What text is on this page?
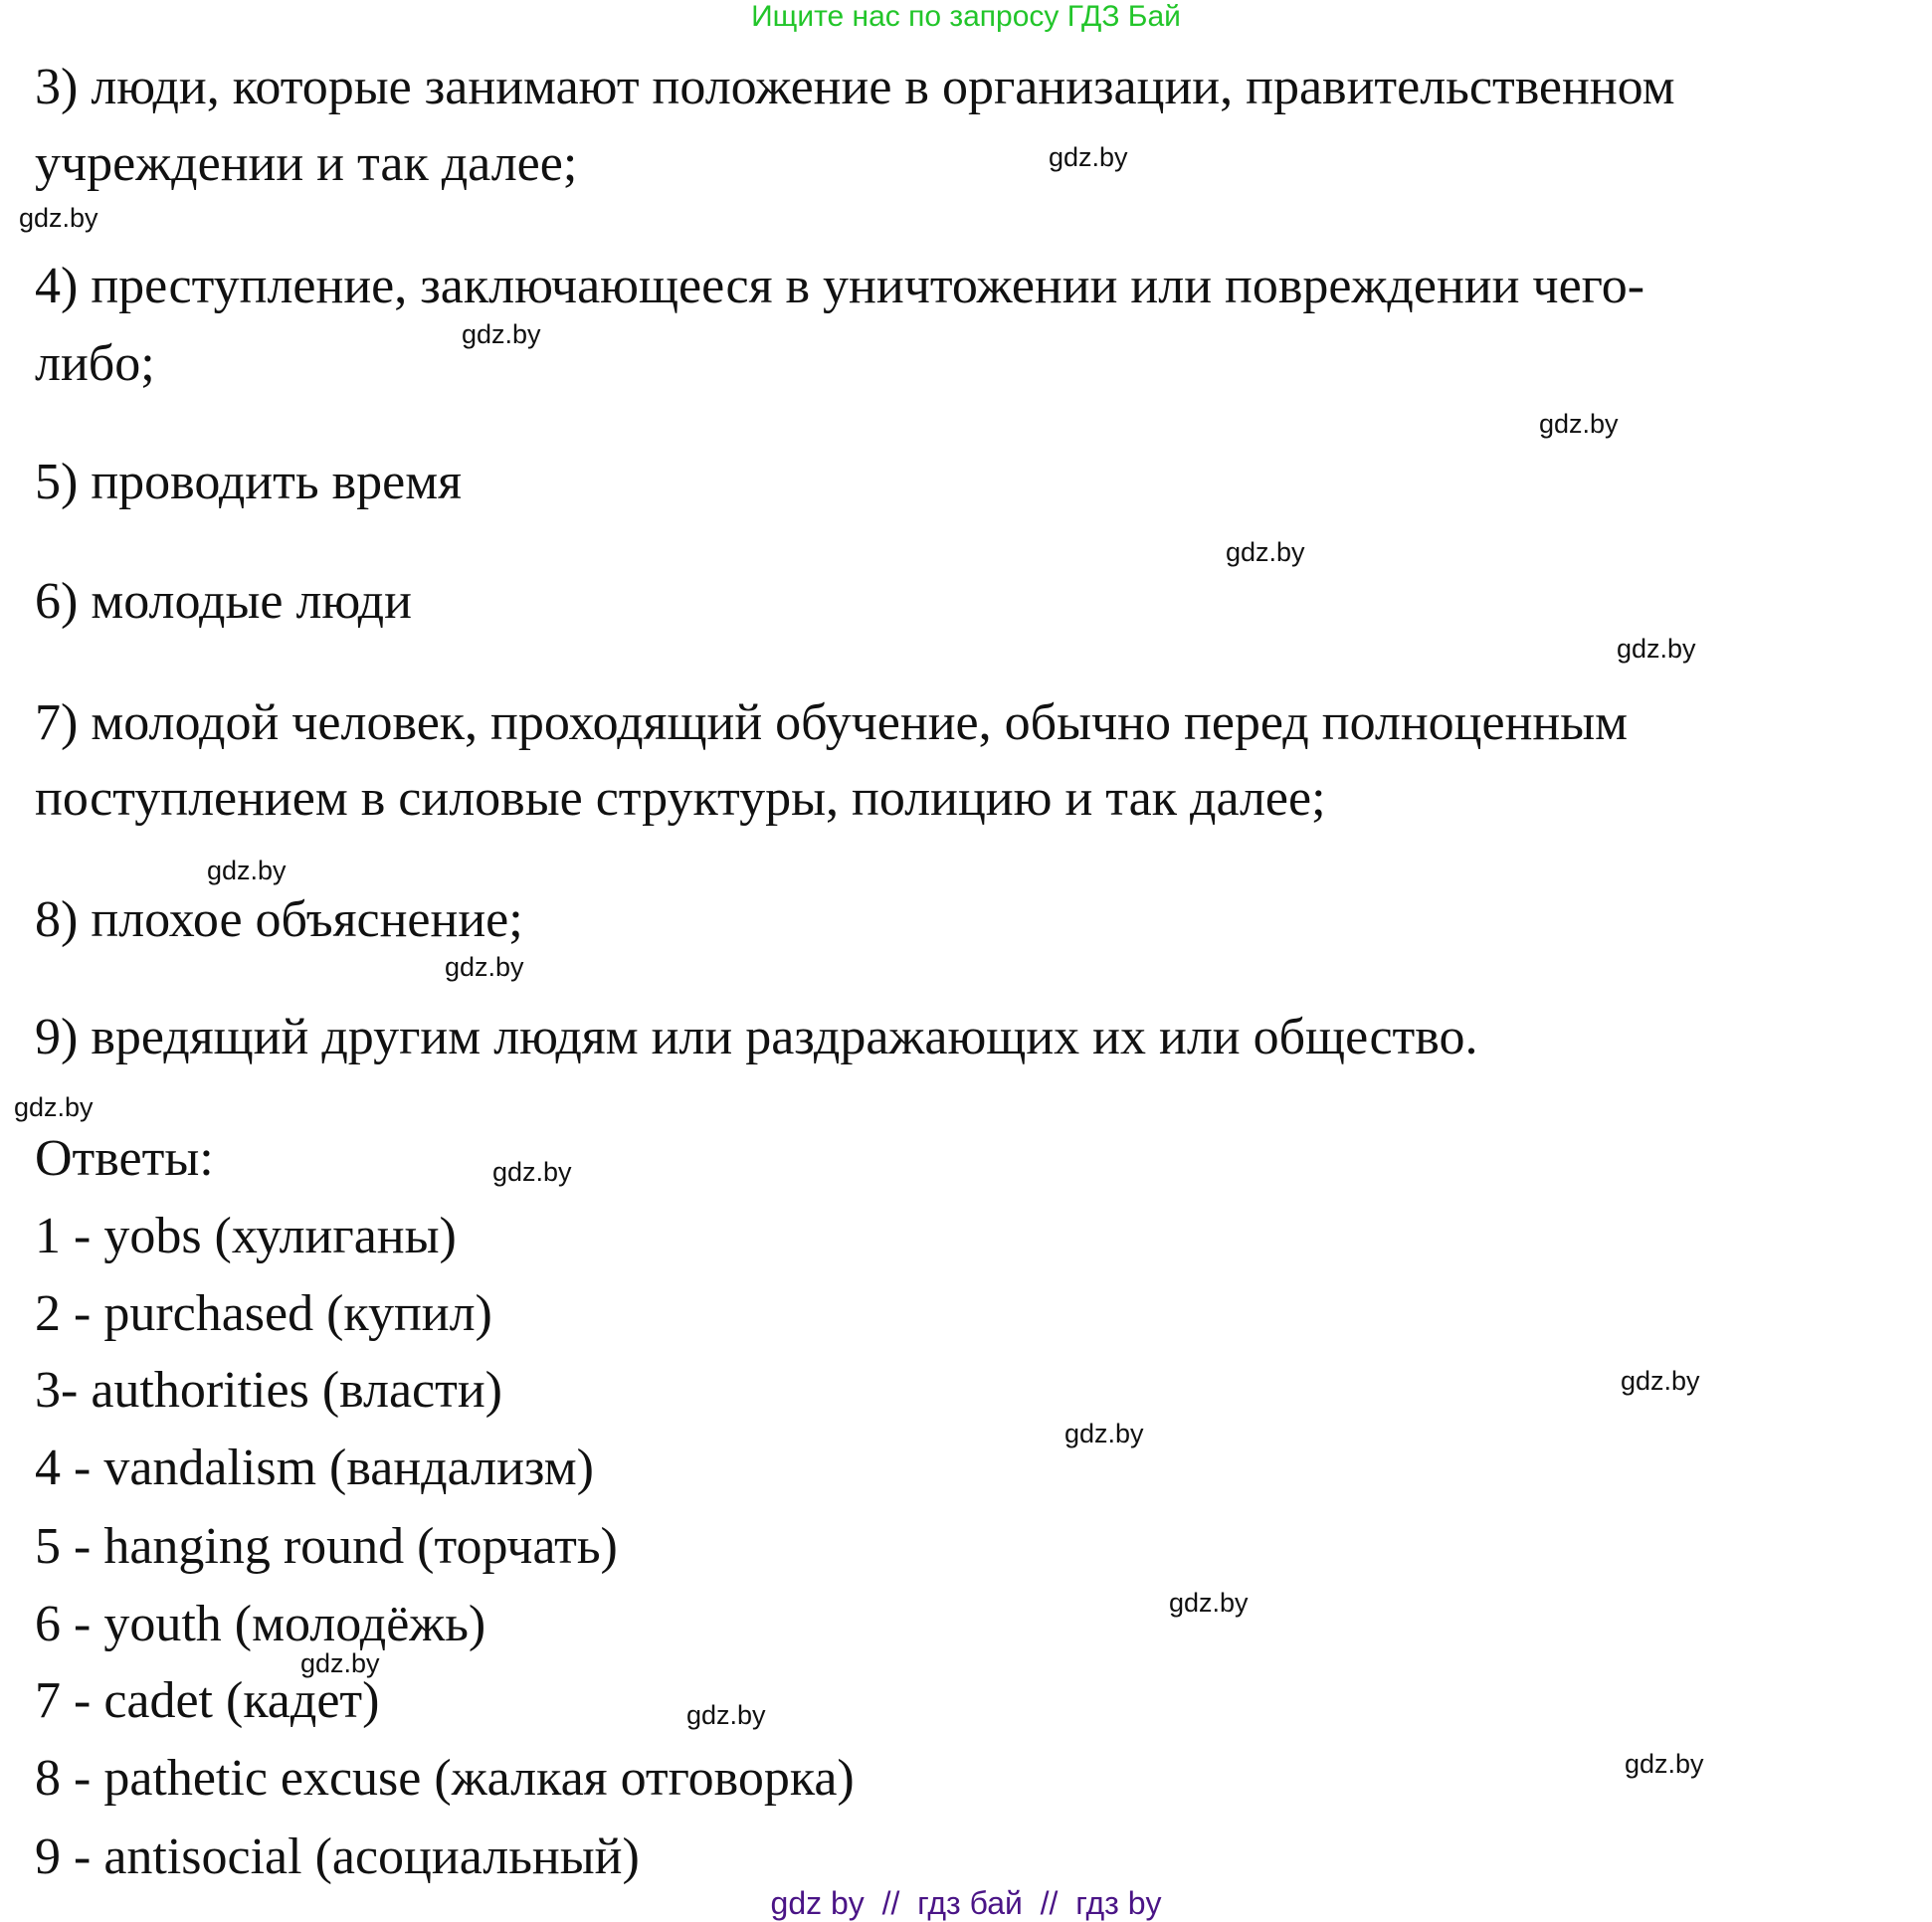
Ищите нас по запросу ГДЗ Бай
3) люди, которые занимают положение в организации, правительственном
учреждении и так далее;
4) преступление, заключающееся в уничтожении или повреждении чего-
либо;
5) проводить время
6) молодые люди
7) молодой человек, проходящий обучение, обычно перед полноценным
поступлением в силовые структуры, полицию и так далее;
8) плохое объяснение;
9) вредящий другим людям или раздражающих их или общество.
Ответы:
1 - yobs (хулиганы)
2 - purchased (купил)
3- authorities (власти)
4 - vandalism (вандализм)
5 - hanging round (торчать)
6 - youth (молодёжь)
7 - cadet (кадет)
8 - pathetic excuse (жалкая отговорка)
9 - antisocial (асоциальный)
gdz.by
gdz.by
gdz.by
gdz.by
gdz.by
gdz.by
gdz.by
gdz.by
gdz.by
gdz.by
gdz.by
gdz.by
gdz.by
gdz.by
gdz.by
gdz.by
gdz by  //  гдз бай  //  гдз by
